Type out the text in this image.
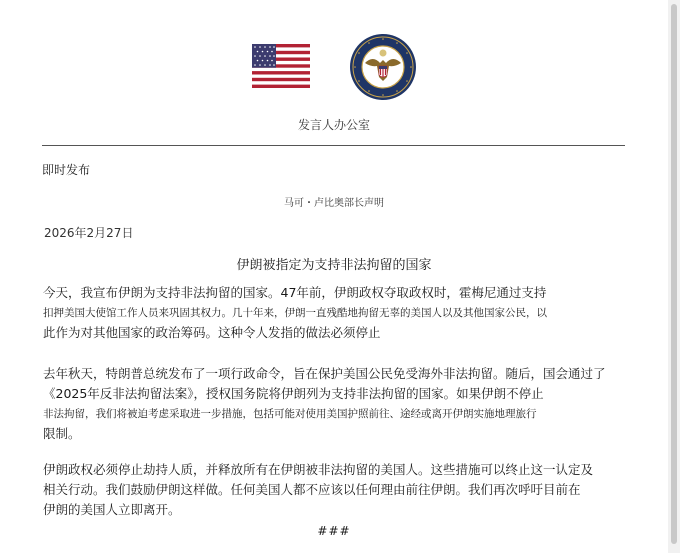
发言人办公室
即时发布
马可・卢比奥部长声明
2026年2月27日
伊朗被指定为支持非法拘留的国家
今天，我宣布伊朗为支持非法拘留的国家。47年前，伊朗政权夺取政权时，霍梅尼通过支持
扣押美国大使馆工作人员来巩固其权力。几十年来，伊朗一直残酷地拘留无辜的美国人以及其他国家公民，以
此作为对其他国家的政治筹码。这种令人发指的做法必须停止
去年秋天，特朗普总统发布了一项行政命令，旨在保护美国公民免受海外非法拘留。随后，国会通过了
《2025年反非法拘留法案》，授权国务院将伊朗列为支持非法拘留的国家。如果伊朗不停止
非法拘留，我们将被迫考虑采取进一步措施，包括可能对使用美国护照前往、途经或离开伊朗实施地理旅行
限制。
伊朗政权必须停止劫持人质，并释放所有在伊朗被非法拘留的美国人。这些措施可以终止这一认定及
相关行动。我们鼓励伊朗这样做。任何美国人都不应该以任何理由前往伊朗。我们再次呼吁目前在
伊朗的美国人立即离开。
###
